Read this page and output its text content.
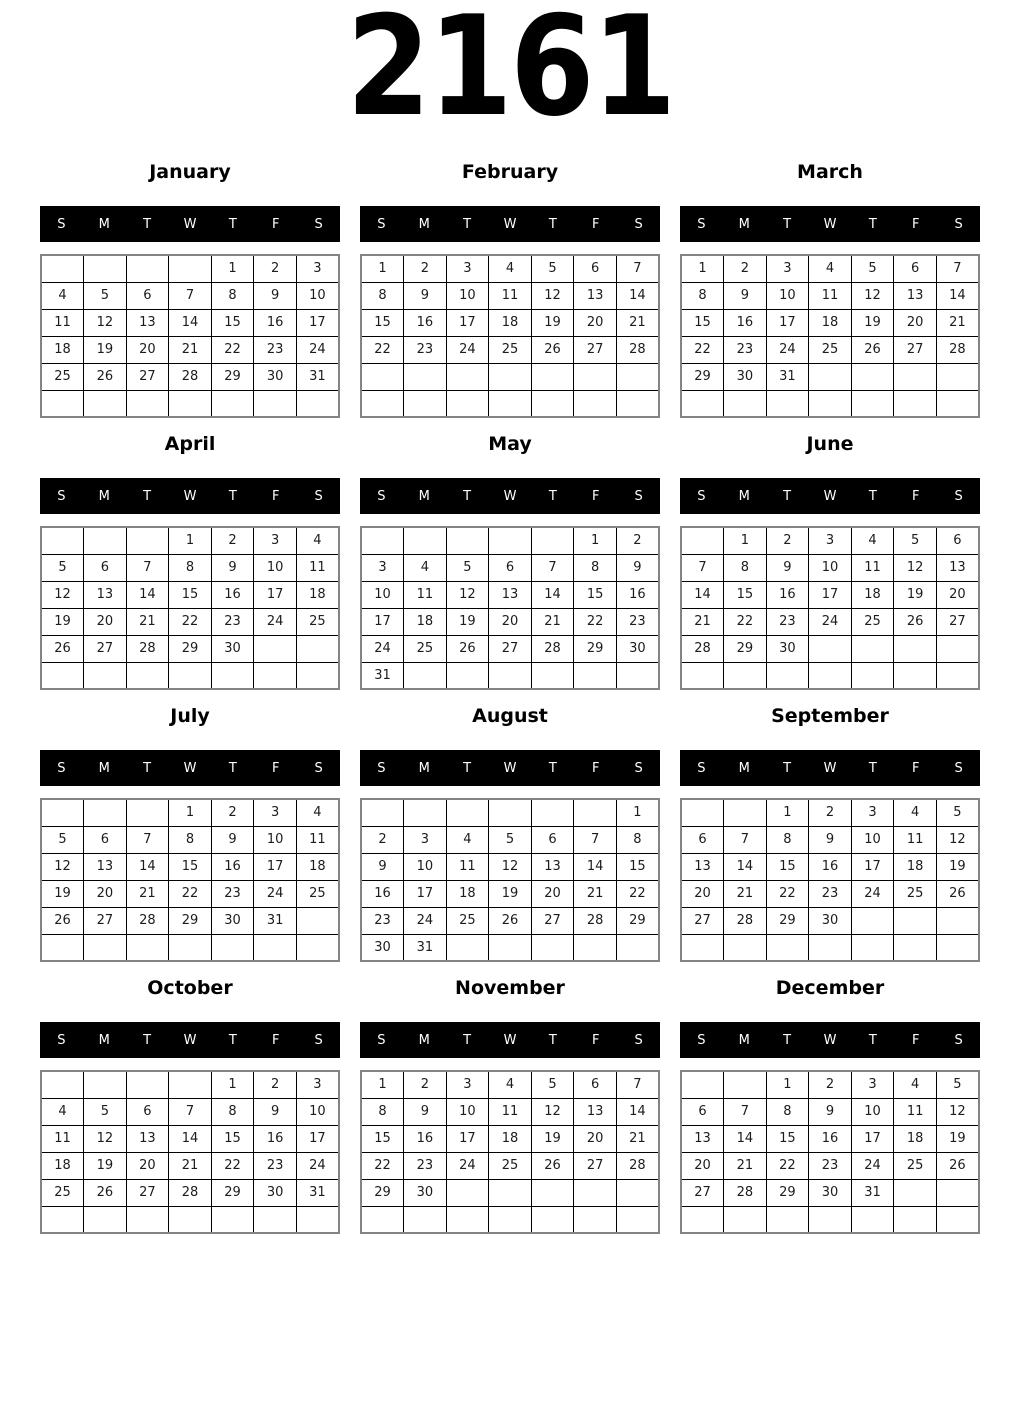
2161
January
S	M	T	W	T	F	S
				1	2	3
4	5	6	7	8	9	10
11	12	13	14	15	16	17
18	19	20	21	22	23	24
25	26	27	28	29	30	31

February
S	M	T	W	T	F	S
1	2	3	4	5	6	7
8	9	10	11	12	13	14
15	16	17	18	19	20	21
22	23	24	25	26	27	28

March
S	M	T	W	T	F	S
1	2	3	4	5	6	7
8	9	10	11	12	13	14
15	16	17	18	19	20	21
22	23	24	25	26	27	28
29	30	31				

April
S	M	T	W	T	F	S
			1	2	3	4
5	6	7	8	9	10	11
12	13	14	15	16	17	18
19	20	21	22	23	24	25
26	27	28	29	30		

May
S	M	T	W	T	F	S
					1	2
3	4	5	6	7	8	9
10	11	12	13	14	15	16
17	18	19	20	21	22	23
24	25	26	27	28	29	30
31						
June
S	M	T	W	T	F	S
	1	2	3	4	5	6
7	8	9	10	11	12	13
14	15	16	17	18	19	20
21	22	23	24	25	26	27
28	29	30				

July
S	M	T	W	T	F	S
			1	2	3	4
5	6	7	8	9	10	11
12	13	14	15	16	17	18
19	20	21	22	23	24	25
26	27	28	29	30	31	

August
S	M	T	W	T	F	S
						1
2	3	4	5	6	7	8
9	10	11	12	13	14	15
16	17	18	19	20	21	22
23	24	25	26	27	28	29
30	31					
September
S	M	T	W	T	F	S
		1	2	3	4	5
6	7	8	9	10	11	12
13	14	15	16	17	18	19
20	21	22	23	24	25	26
27	28	29	30			

October
S	M	T	W	T	F	S
				1	2	3
4	5	6	7	8	9	10
11	12	13	14	15	16	17
18	19	20	21	22	23	24
25	26	27	28	29	30	31

November
S	M	T	W	T	F	S
1	2	3	4	5	6	7
8	9	10	11	12	13	14
15	16	17	18	19	20	21
22	23	24	25	26	27	28
29	30					

December
S	M	T	W	T	F	S
		1	2	3	4	5
6	7	8	9	10	11	12
13	14	15	16	17	18	19
20	21	22	23	24	25	26
27	28	29	30	31		
